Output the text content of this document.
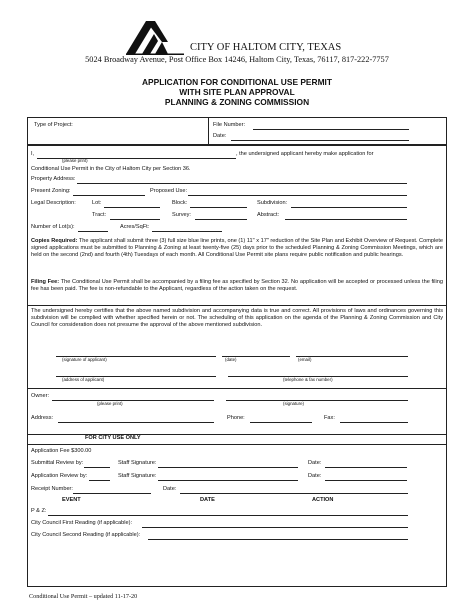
CITY OF HALTOM CITY, TEXAS
5024 Broadway Avenue, Post Office Box 14246, Haltom City, Texas, 76117, 817-222-7757
APPLICATION FOR CONDITIONAL USE PERMIT
WITH SITE PLAN APPROVAL
PLANNING & ZONING COMMISSION
Type of Project:	File Number:
Date:
I,	, the undersigned applicant hereby make application for
(please print)
Conditional Use Permit in the City of Haltom City per Section 36.
Property Address:
Present Zoning:	Proposed Use:
Legal Description:	Lot:	Block:	Subdivision:
Tract:	Survey:	Abstract:
Number of Lot(s):	Acres/SqFt:
Copies Required: The applicant shall submit three (3) full size blue line prints, one (1) 11" x 17" reduction of the Site Plan and Exhibit Overview of Request. Complete signed applications must be submitted to Planning & Zoning at least twenty-five (25) days prior to the scheduled Planning & Zoning Commission Meetings, which are held on the second (2nd) and fourth (4th) Tuesdays of each month. All Conditional Use Permit site plans require public notification and public hearings.
Filing Fee: The Conditional Use Permit shall be accompanied by a filing fee as specified by Section 32. No application will be accepted or processed unless the filing fee has been paid. The fee is non-refundable to the Applicant, regardless of the action taken on the request.
The undersigned hereby certifies that the above named subdivision and accompanying data is true and correct. All provisions of laws and ordinances governing this subdivision will be complied with whether specified herein or not. The scheduling of this application on the agenda of the Planning & Zoning Commission and City Council for consideration does not presume the approval of the above mentioned subdivision.
(signature of applicant)	(date)	(email)
(address of applicant)	(telephone & fax number)
Owner:
(please print)	(signature)
Address:	Phone:	Fax:
FOR CITY USE ONLY
Application Fee $300.00
Submittal Review by:	Staff Signature:	Date:
Application Review by:	Staff Signature:	Date:
Receipt Number:	Date:
EVENT	DATE	ACTION
P & Z:
City Council First Reading (if applicable):
City Council Second Reading (if applicable):
Conditional Use Permit – updated 11-17-20
